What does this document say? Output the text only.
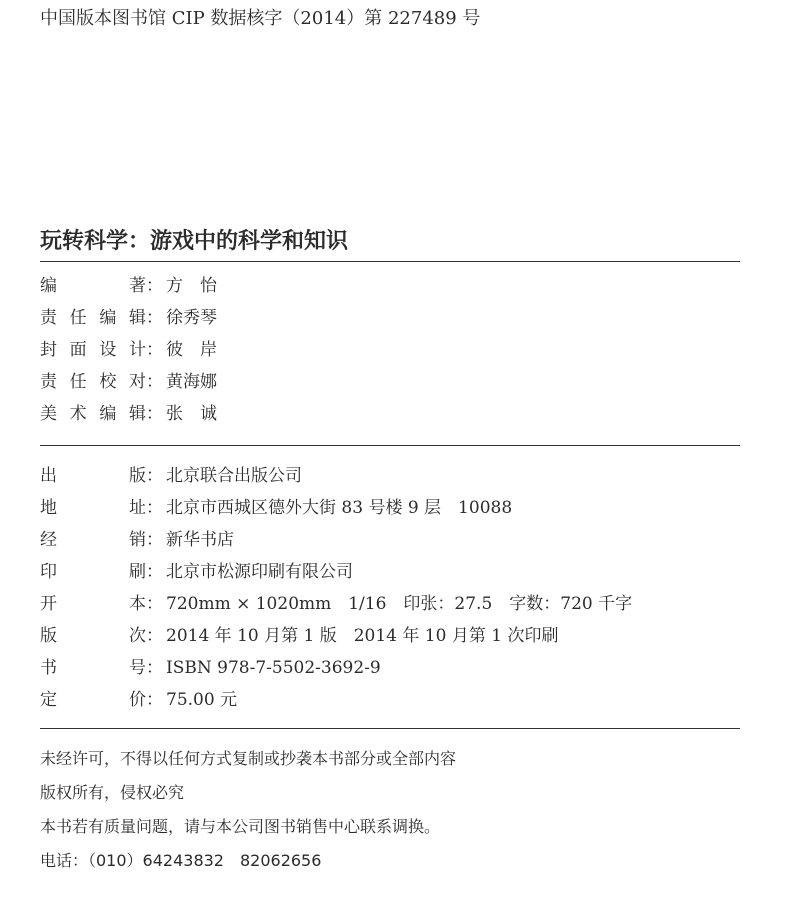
中国版本图书馆 CIP 数据核字（2014）第 227489 号
玩转科学：游戏中的科学和知识
编	著 ： 方　怡
责 任 编 辑 ： 徐秀琴
封 面 设 计 ： 彼　岸
责 任 校 对 ： 黄海娜
美 术 编 辑 ： 张　诚
出	版 ： 北京联合出版公司
地	址 ： 北京市西城区德外大街 83 号楼 9 层　10088
经	销 ： 新华书店
印	刷 ： 北京市松源印刷有限公司
开	本 ： 720mm × 1020mm　1/16　印张：27.5　字数：720 千字
版	次 ： 2014 年 10 月第 1 版　2014 年 10 月第 1 次印刷
书	号 ： ISBN 978-7-5502-3692-9
定	价 ： 75.00 元
未经许可，不得以任何方式复制或抄袭本书部分或全部内容
版权所有，侵权必究
本书若有质量问题，请与本公司图书销售中心联系调换。
电话：（010）64243832　82062656
